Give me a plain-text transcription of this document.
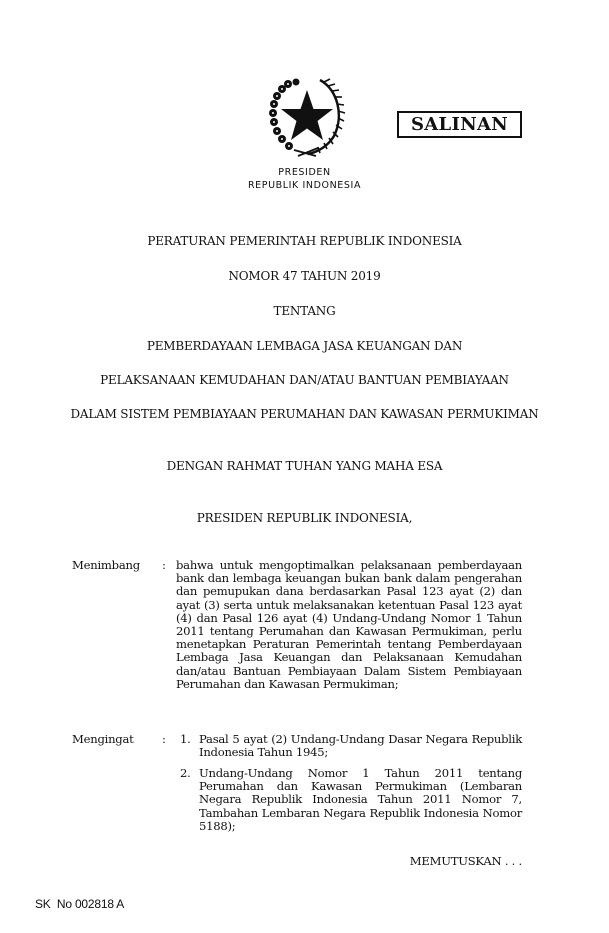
SALINAN
PRESIDEN
REPUBLIK INDONESIA
PERATURAN PEMERINTAH REPUBLIK INDONESIA
NOMOR 47 TAHUN 2019
TENTANG
PEMBERDAYAAN LEMBAGA JASA KEUANGAN DAN
PELAKSANAAN KEMUDAHAN DAN/ATAU BANTUAN PEMBIAYAAN
DALAM SISTEM PEMBIAYAAN PERUMAHAN DAN KAWASAN PERMUKIMAN
DENGAN RAHMAT TUHAN YANG MAHA ESA
PRESIDEN REPUBLIK INDONESIA,
Menimbang : bahwa untuk mengoptimalkan pelaksanaan pemberdayaan bank dan lembaga keuangan bukan bank dalam pengerahan dan pemupukan dana berdasarkan Pasal 123 ayat (2) dan ayat (3) serta untuk melaksanakan ketentuan Pasal 123 ayat (4) dan Pasal 126 ayat (4) Undang-Undang Nomor 1 Tahun 2011 tentang Perumahan dan Kawasan Permukiman, perlu menetapkan Peraturan Pemerintah tentang Pemberdayaan Lembaga Jasa Keuangan dan Pelaksanaan Kemudahan dan/atau Bantuan Pembiayaan Dalam Sistem Pembiayaan Perumahan dan Kawasan Permukiman;
Mengingat : 1. Pasal 5 ayat (2) Undang-Undang Dasar Negara Republik Indonesia Tahun 1945;
2. Undang-Undang Nomor 1 Tahun 2011 tentang Perumahan dan Kawasan Permukiman (Lembaran Negara Republik Indonesia Tahun 2011 Nomor 7, Tambahan Lembaran Negara Republik Indonesia Nomor 5188);
MEMUTUSKAN . . .
SK  No 002818 A
